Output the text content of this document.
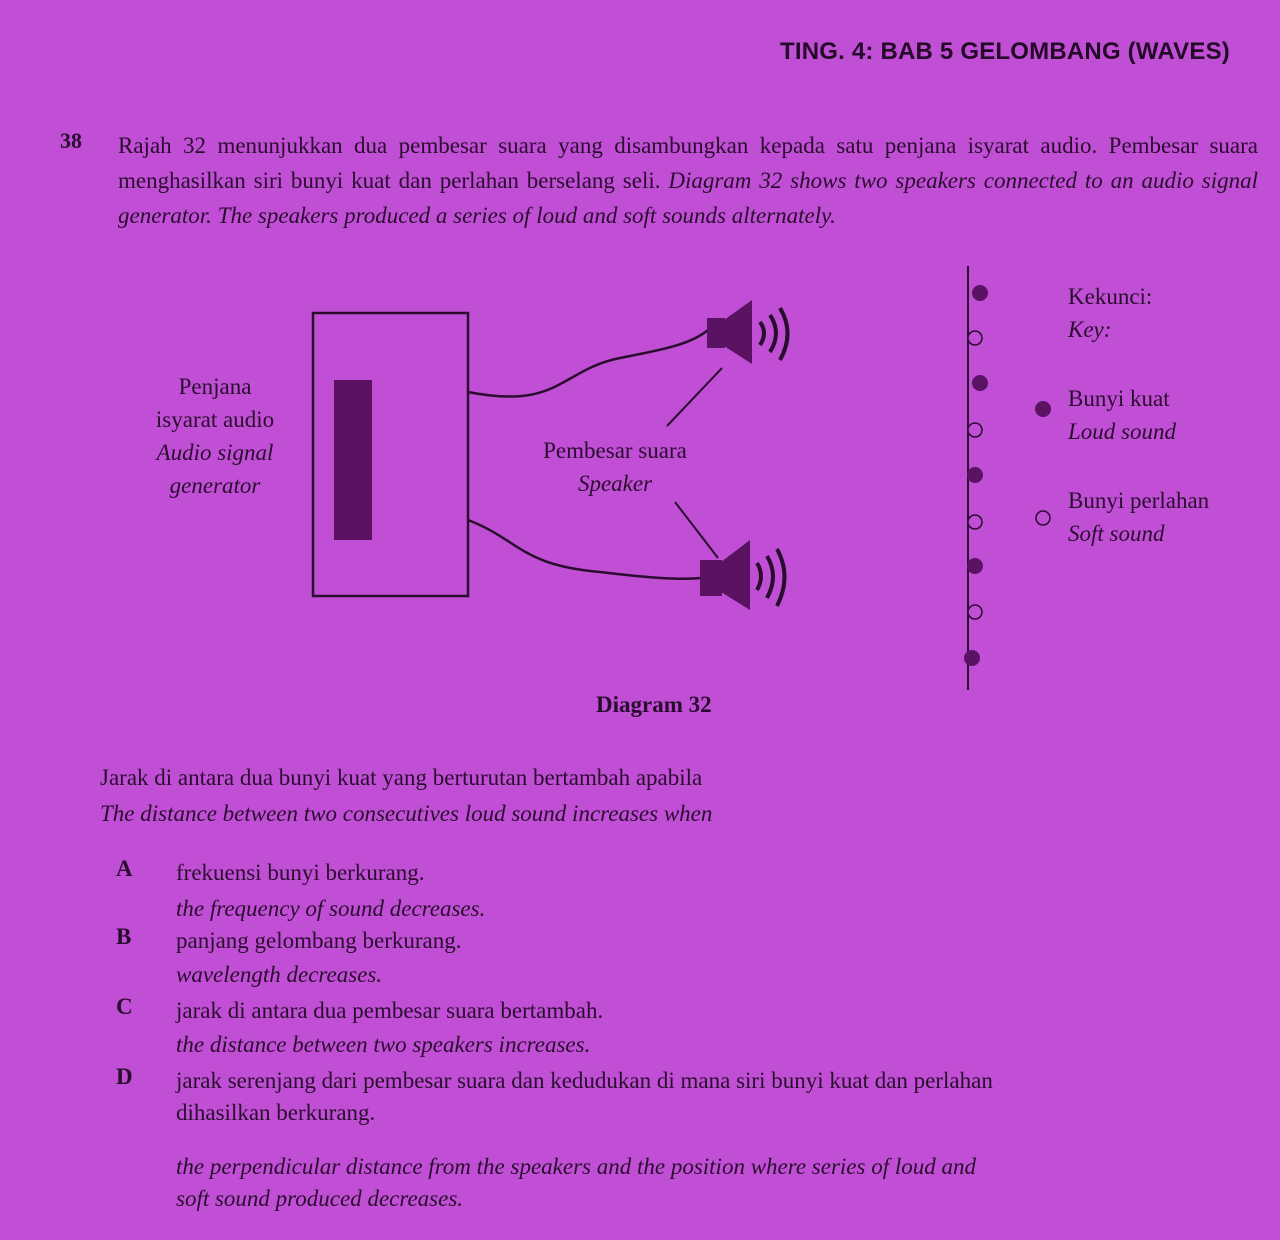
TING. 4: BAB 5 GELOMBANG (WAVES)
38 Rajah 32 menunjukkan dua pembesar suara yang disambungkan kepada satu penjana isyarat audio. Pembesar suara menghasilkan siri bunyi kuat dan perlahan berselang seli. Diagram 32 shows two speakers connected to an audio signal generator. The speakers produced a series of loud and soft sounds alternately.
Penjana
isyarat audio
Audio signal
generator
Pembesar suara
Speaker
Kekunci:
Key:
Bunyi kuat
Loud sound
Bunyi perlahan
Soft sound
Diagram 32
Jarak di antara dua bunyi kuat yang berturutan bertambah apabila
The distance between two consecutives loud sound increases when
A frekuensi bunyi berkurang.
the frequency of sound decreases.
B panjang gelombang berkurang.
wavelength decreases.
C jarak di antara dua pembesar suara bertambah.
the distance between two speakers increases.
D jarak serenjang dari pembesar suara dan kedudukan di mana siri bunyi kuat dan perlahan
dihasilkan berkurang.
the perpendicular distance from the speakers and the position where series of loud and
soft sound produced decreases.
